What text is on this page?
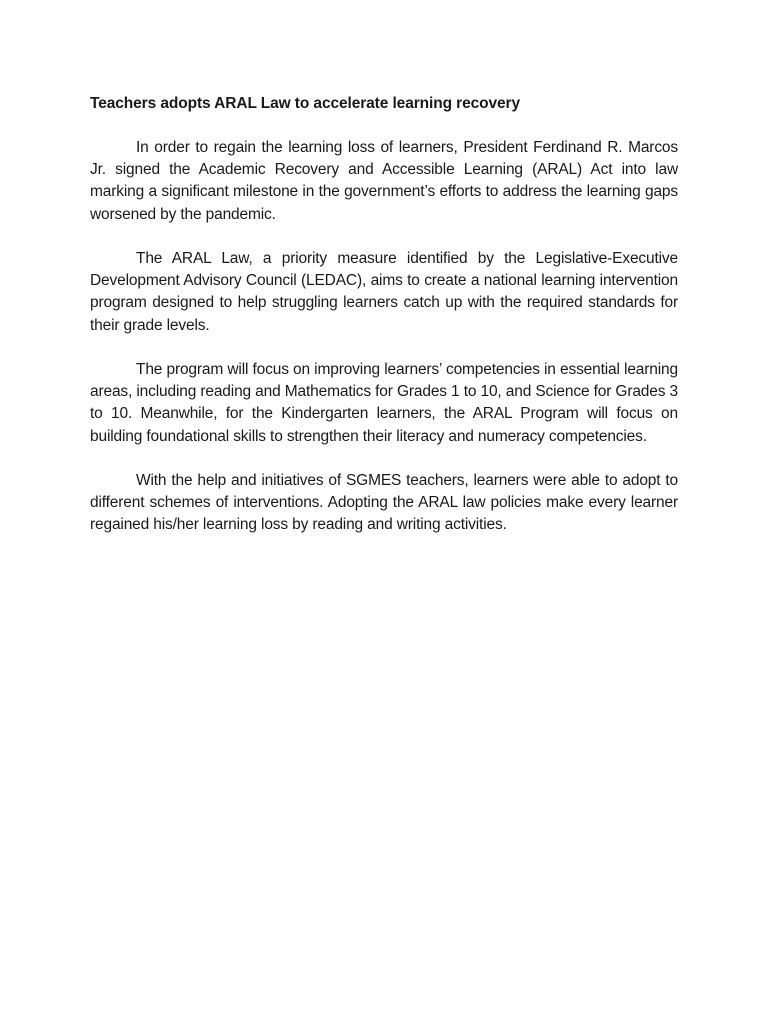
Teachers adopts ARAL Law to accelerate learning recovery

In order to regain the learning loss of learners, President Ferdinand R. Marcos Jr. signed the Academic Recovery and Accessible Learning (ARAL) Act into law marking a significant milestone in the government’s efforts to address the learning gaps worsened by the pandemic.

The ARAL Law, a priority measure identified by the Legislative-Executive Development Advisory Council (LEDAC), aims to create a national learning intervention program designed to help struggling learners catch up with the required standards for their grade levels.

The program will focus on improving learners’ competencies in essential learning areas, including reading and Mathematics for Grades 1 to 10, and Science for Grades 3 to 10. Meanwhile, for the Kindergarten learners, the ARAL Program will focus on building foundational skills to strengthen their literacy and numeracy competencies.

With the help and initiatives of SGMES teachers, learners were able to adopt to different schemes of interventions. Adopting the ARAL law policies make every learner regained his/her learning loss by reading and writing activities.
